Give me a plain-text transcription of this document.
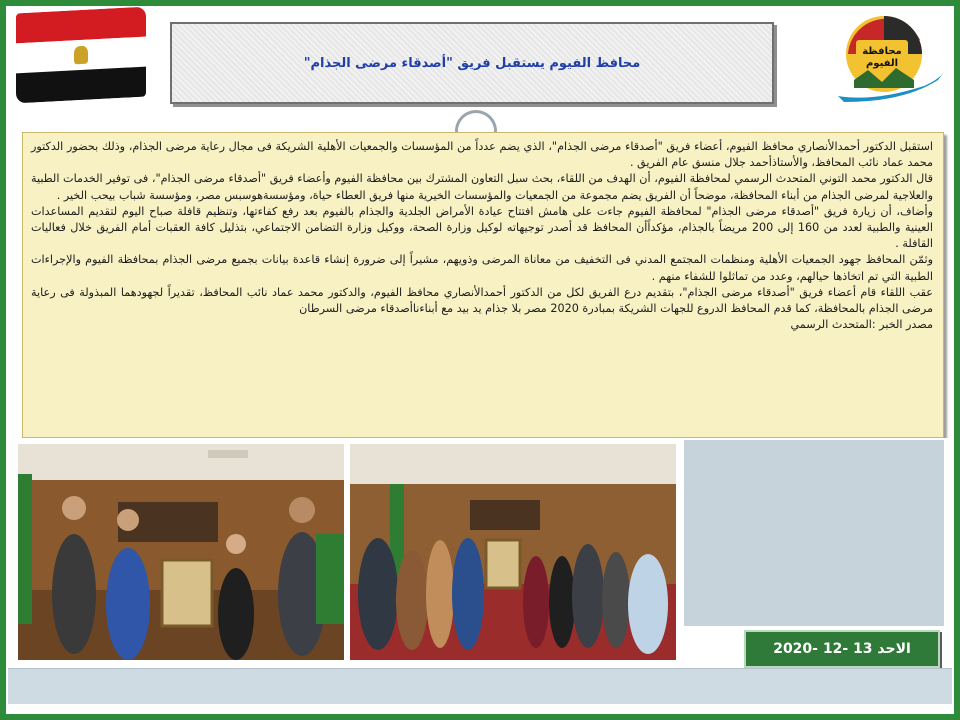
محافظ الفيوم يستقبل فريق "أصدقاء مرضى الجذام"
محافظة
الفيوم

استقبل الدكتور أحمدالأنصاري محافظ الفيوم، أعضاء فريق "أصدقاء مرضى الجذام"، الذي يضم عدداً من المؤسسات والجمعيات الأهلية الشريكة فى مجال رعاية مرضى الجذام، وذلك بحضور الدكتور محمد عماد نائب المحافظ، والأستاذأحمد جلال منسق عام الفريق .

قال الدكتور محمد التوني المتحدث الرسمي لمحافظة الفيوم، أن الهدف من اللقاء، بحث سبل التعاون المشترك بين محافظة الفيوم وأعضاء فريق "أصدقاء مرضى الجذام"، فى توفير الخدمات الطبية والعلاجية لمرضى الجذام من أبناء المحافظة، موضحاً أن الفريق يضم مجموعة من الجمعيات والمؤسسات الخيرية منها فريق العطاء حياة، ومؤسسةهوسبس مصر، ومؤسسة شباب بيحب الخير .

وأضاف، أن زيارة فريق "أصدقاء مرضى الجذام" لمحافظة الفيوم جاءت على هامش افتتاح عيادة الأمراض الجلدية والجذام بالفيوم بعد رفع كفاءتها، وتنظيم قافلة صباح اليوم لتقديم المساعدات العينية والطبية لعدد من 160 إلى 200 مريضاً بالجذام، مؤكداًأن المحافظ قد أصدر توجيهاته لوكيل وزارة الصحة، ووكيل وزارة التضامن الاجتماعي، بتذليل كافة العقبات أمام الفريق خلال فعاليات القافلة .

وثمّن المحافظ جهود الجمعيات الأهلية ومنظمات المجتمع المدني فى التخفيف من معاناة المرضى وذويهم، مشيراً إلى ضرورة إنشاء قاعدة بيانات بجميع مرضى الجذام بمحافظة الفيوم والإجراءات الطبية التي تم اتخاذها حيالهم، وعدد من تماثلوا للشفاء منهم .

عقب اللقاء قام أعضاء فريق "أصدقاء مرضى الجذام"، بتقديم درع الفريق لكل من الدكتور أحمدالأنصاري محافظ الفيوم، والدكتور محمد عماد نائب المحافظ، تقديراً لجهودهما المبذولة فى رعاية مرضى الجذام بالمحافظة، كما قدم المحافظ الدروع للجهات الشريكة بمبادرة 2020 مصر بلا جذام يد بيد مع أبناءناأصدقاء مرضى السرطان

مصدر الخبر :المتحدث الرسمي

الاحد 13 -12 -2020
